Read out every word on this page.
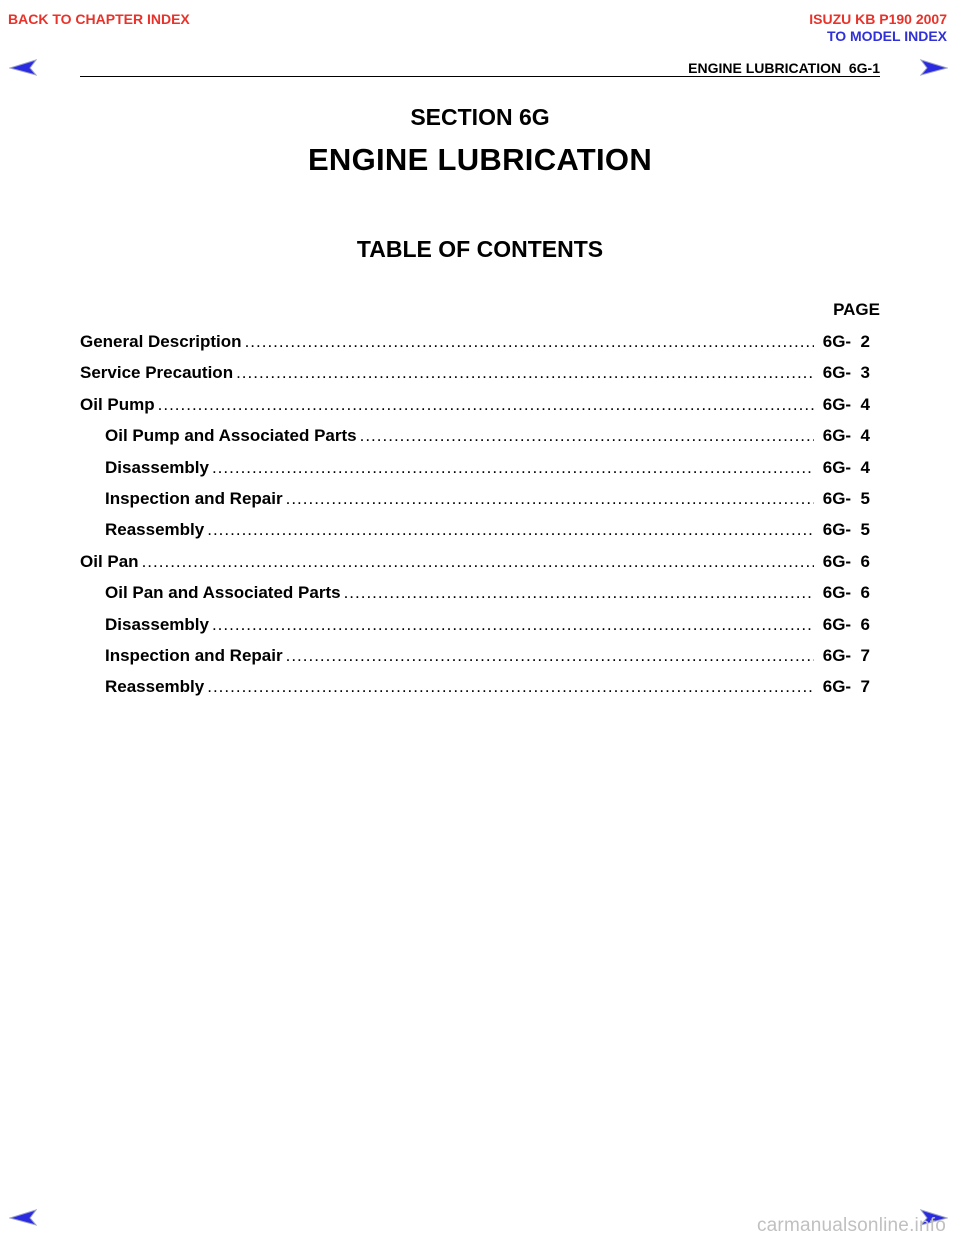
BACK TO CHAPTER INDEX	ISUZU KB P190 2007
TO MODEL INDEX
ENGINE LUBRICATION  6G-1
SECTION 6G
ENGINE LUBRICATION
TABLE OF CONTENTS
PAGE
General Description .....	6G-  2
Service Precaution .....	6G-  3
Oil Pump .....	6G-  4
Oil Pump and Associated Parts .....	6G-  4
Disassembly .....	6G-  4
Inspection and Repair .....	6G-  5
Reassembly .....	6G-  5
Oil Pan .....	6G-  6
Oil Pan and Associated Parts .....	6G-  6
Disassembly .....	6G-  6
Inspection and Repair .....	6G-  7
Reassembly .....	6G-  7
carmanualsonline.info
